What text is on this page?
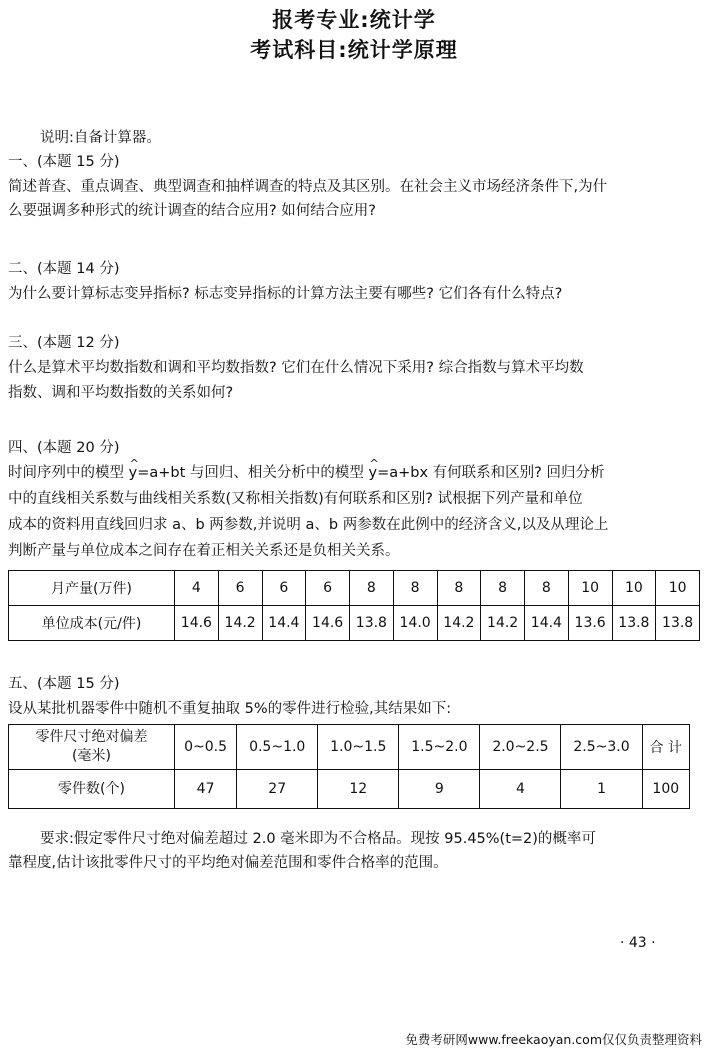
报考专业:统计学
考试科目:统计学原理
说明:自备计算器。
一、(本题 15 分)
简述普查、重点调查、典型调查和抽样调查的特点及其区别。在社会主义市场经济条件下,为什
么要强调多种形式的统计调查的结合应用? 如何结合应用?
二、(本题 14 分)
为什么要计算标志变异指标? 标志变异指标的计算方法主要有哪些? 它们各有什么特点?
三、(本题 12 分)
什么是算术平均数指数和调和平均数指数? 它们在什么情况下采用? 综合指数与算术平均数
指数、调和平均数指数的关系如何?
四、(本题 20 分)
时间序列中的模型 ^ y=a+bt 与回归、相关分析中的模型 ^ y=a+bx 有何联系和区别? 回归分析
中的直线相关系数与曲线相关系数(又称相关指数)有何联系和区别? 试根据下列产量和单位
成本的资料用直线回归求 a、b 两参数,并说明 a、b 两参数在此例中的经济含义,以及从理论上
判断产量与单位成本之间存在着正相关关系还是负相关关系。
月产量(万件)	4	6	6	6	8	8	8	8	8	10	10	10
单位成本(元/件)	14.6	14.2	14.4	14.6	13.8	14.0	14.2	14.2	14.4	13.6	13.8	13.8
五、(本题 15 分)
设从某批机器零件中随机不重复抽取 5%的零件进行检验,其结果如下:
零件尺寸绝对偏差
(毫米)	0~0.5	0.5~1.0	1.0~1.5	1.5~2.0	2.0~2.5	2.5~3.0	合 计
零件数(个)	47	27	12	9	4	1	100
要求:假定零件尺寸绝对偏差超过 2.0 毫米即为不合格品。现按 95.45%(t=2)的概率可
靠程度,估计该批零件尺寸的平均绝对偏差范围和零件合格率的范围。
· 43 ·
免费考研网www.freekaoyan.com仅仅负责整理资料
